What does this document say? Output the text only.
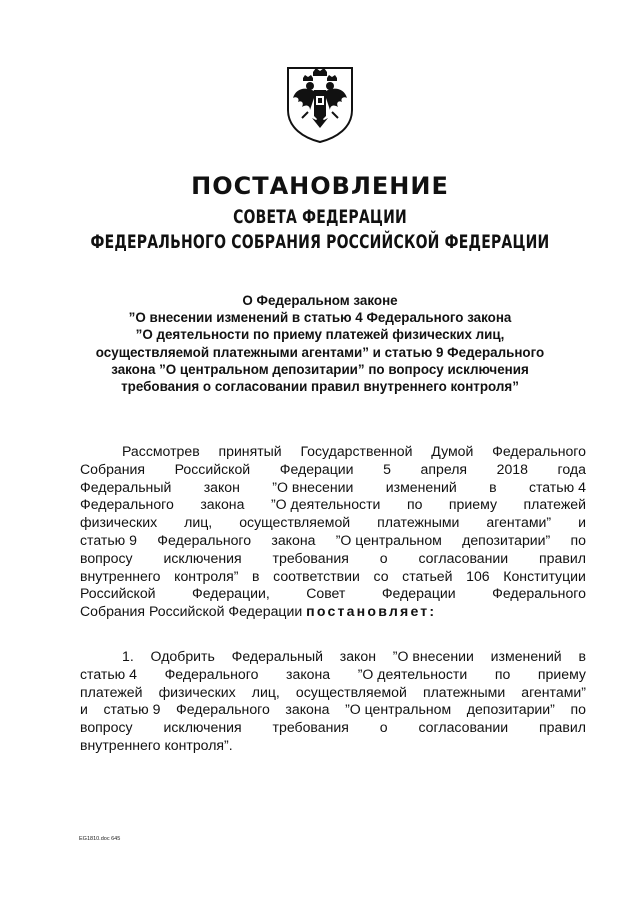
ПОСТАНОВЛЕНИЕ
СОВЕТА ФЕДЕРАЦИИ
ФЕДЕРАЛЬНОГО СОБРАНИЯ РОССИЙСКОЙ ФЕДЕРАЦИИ
О Федеральном законе
”О внесении изменений в статью 4 Федерального закона
”О деятельности по приему платежей физических лиц,
осуществляемой платежными агентами” и статью 9 Федерального
закона ”О центральном депозитарии” по вопросу исключения
требования о согласовании правил внутреннего контроля”
Рассмотрев принятый Государственной Думой Федерального
Собрания Российской Федерации 5 апреля 2018 года
Федеральный закон ”О внесении изменений в статью 4
Федерального закона ”О деятельности по приему платежей
физических лиц, осуществляемой платежными агентами” и
статью 9 Федерального закона ”О центральном депозитарии” по
вопросу исключения требования о согласовании правил
внутреннего контроля” в соответствии со статьей 106 Конституции
Российской	Федерации,	Совет	Федерации	Федерального
Собрания Российской Федерации постановляет:
1. Одобрить Федеральный закон ”О внесении изменений в
статью 4 Федерального закона ”О деятельности по приему
платежей физических лиц, осуществляемой платежными агентами”
и статью 9 Федерального закона ”О центральном депозитарии” по
вопросу исключения требования о согласовании правил
внутреннего контроля”.
EG1810.doc 645
